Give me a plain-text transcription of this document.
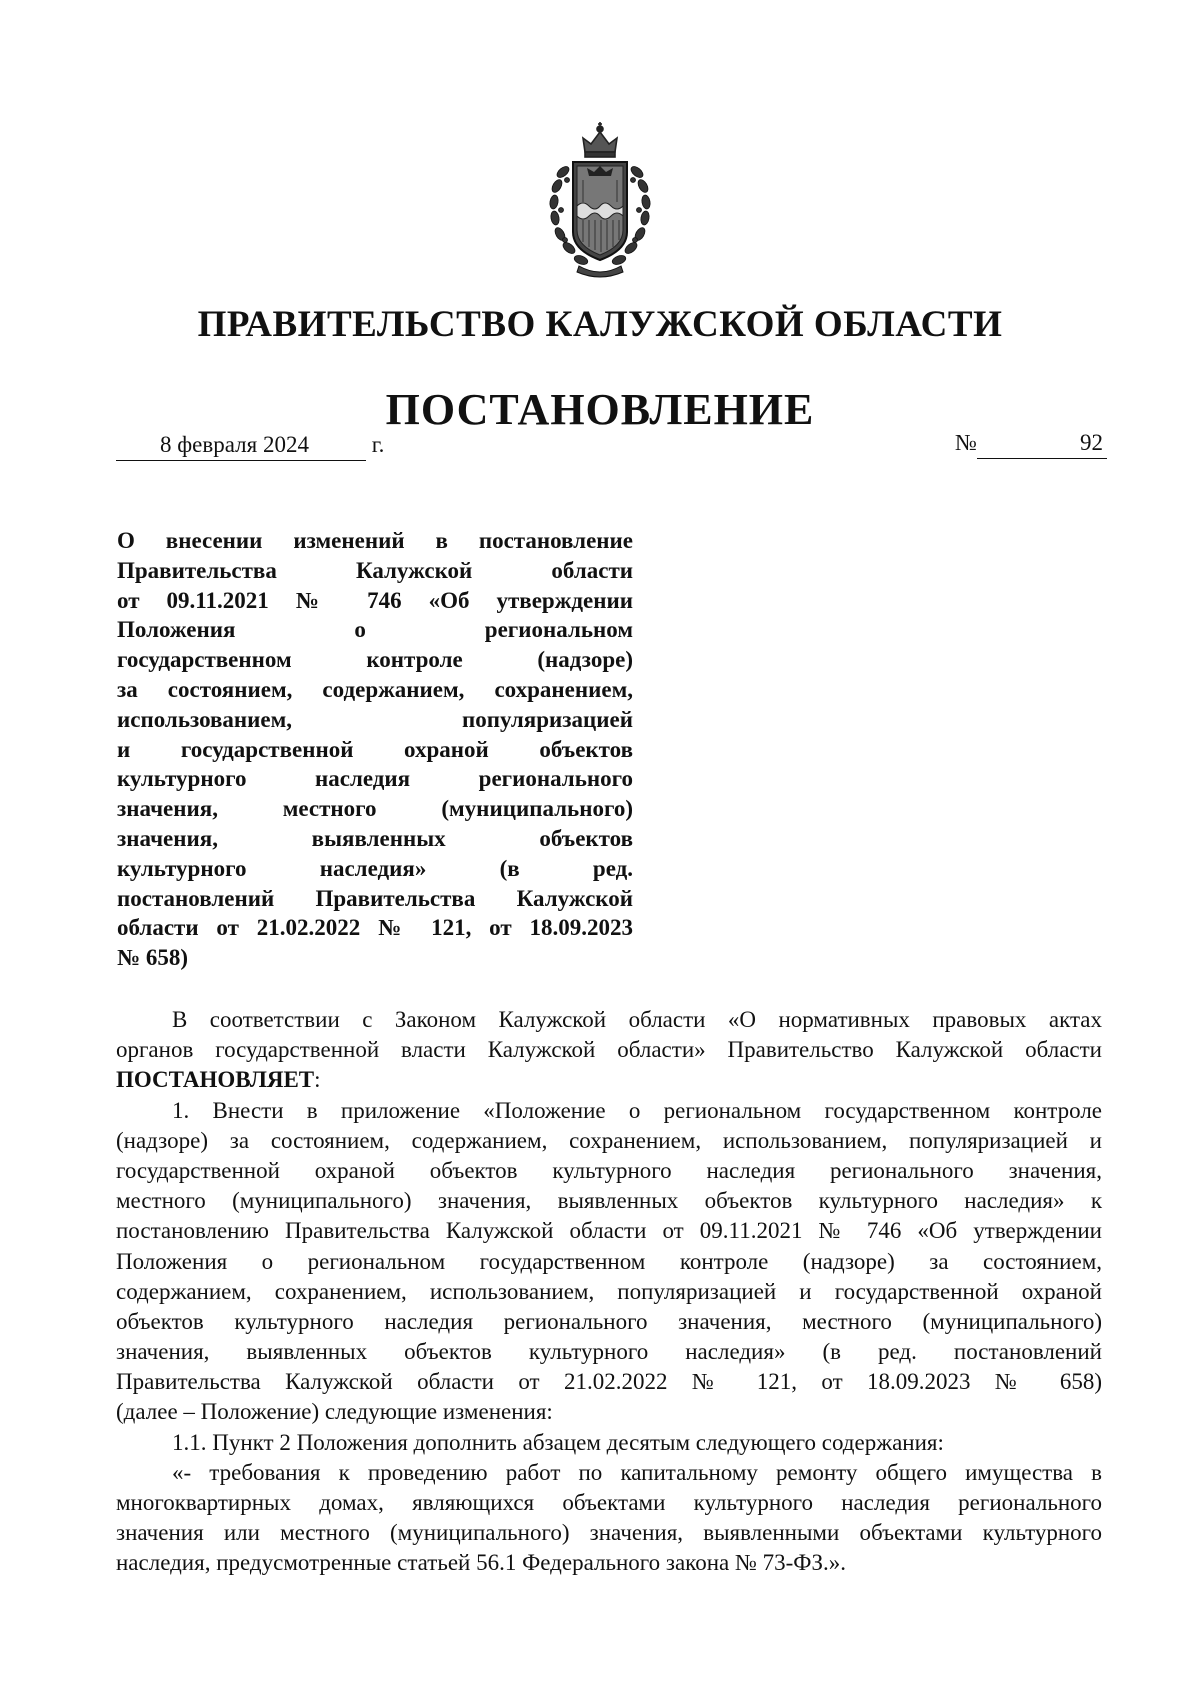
ПРАВИТЕЛЬСТВО КАЛУЖСКОЙ ОБЛАСТИ
ПОСТАНОВЛЕНИЕ
8 февраля 2024	г.	№	92
О внесении изменений в постановление
Правительства Калужской области
от 09.11.2021 № 746 «Об утверждении
Положения о региональном
государственном контроле (надзоре)
за состоянием, содержанием, сохранением,
использованием, популяризацией
и государственной охраной объектов
культурного наследия регионального
значения, местного (муниципального)
значения, выявленных объектов
культурного наследия» (в ред.
постановлений Правительства Калужской
области от 21.02.2022 № 121, от 18.09.2023
№ 658)
В соответствии с Законом Калужской области «О нормативных правовых актах
органов государственной власти Калужской области» Правительство Калужской области
ПОСТАНОВЛЯЕТ:
1. Внести в приложение «Положение о региональном государственном контроле
(надзоре) за состоянием, содержанием, сохранением, использованием, популяризацией и
государственной охраной объектов культурного наследия регионального значения,
местного (муниципального) значения, выявленных объектов культурного наследия» к
постановлению Правительства Калужской области от 09.11.2021 № 746 «Об утверждении
Положения о региональном государственном контроле (надзоре) за состоянием,
содержанием, сохранением, использованием, популяризацией и государственной охраной
объектов культурного наследия регионального значения, местного (муниципального)
значения, выявленных объектов культурного наследия» (в ред. постановлений
Правительства Калужской области от 21.02.2022 № 121, от 18.09.2023 № 658)
(далее – Положение) следующие изменения:
1.1. Пункт 2 Положения дополнить абзацем десятым следующего содержания:
«- требования к проведению работ по капитальному ремонту общего имущества в
многоквартирных домах, являющихся объектами культурного наследия регионального
значения или местного (муниципального) значения, выявленными объектами культурного
наследия, предусмотренные статьей 56.1 Федерального закона № 73-ФЗ.».
